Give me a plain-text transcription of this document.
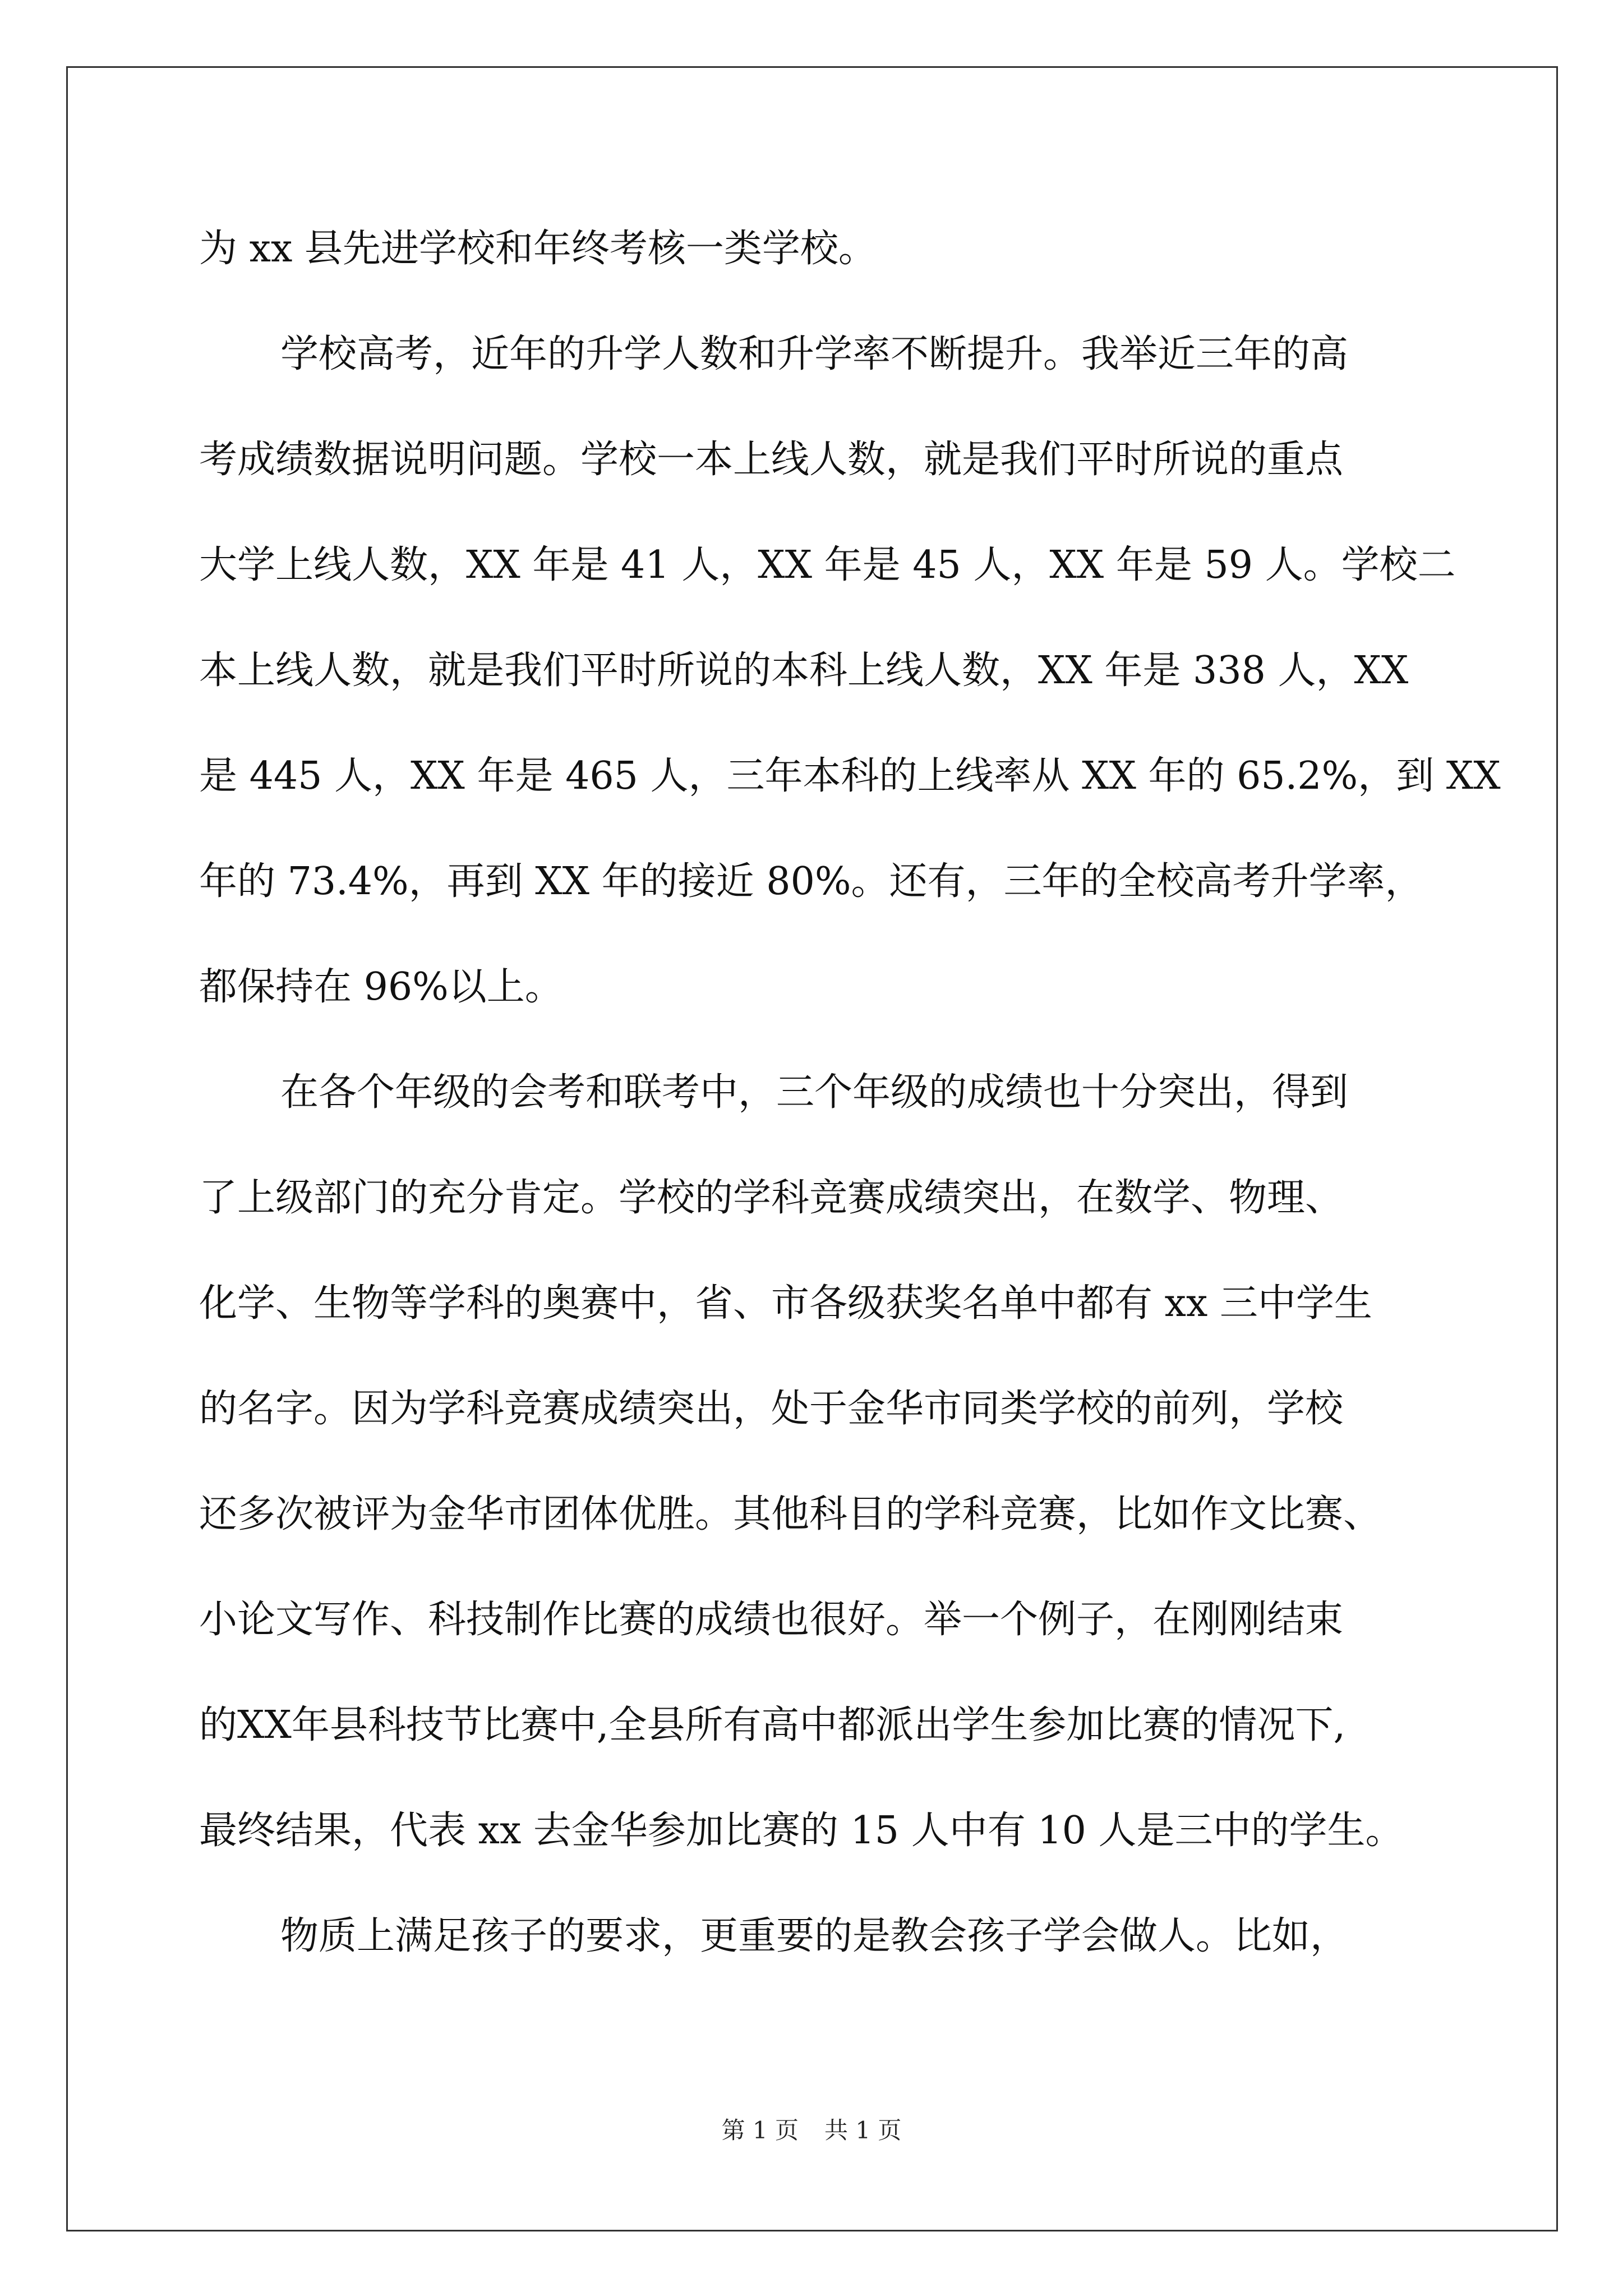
为 xx 县先进学校和年终考核一类学校。
学校高考，近年的升学人数和升学率不断提升。我举近三年的高
考成绩数据说明问题。学校一本上线人数，就是我们平时所说的重点
大学上线人数，XX 年是 41 人，XX 年是 45 人，XX 年是 59 人。学校二
本上线人数，就是我们平时所说的本科上线人数，XX 年是 338 人，XX
是 445 人，XX 年是 465 人，三年本科的上线率从 XX 年的 65.2%，到 XX
年的 73.4%，再到 XX 年的接近 80%。还有，三年的全校高考升学率，
都保持在 96%以上。
在各个年级的会考和联考中，三个年级的成绩也十分突出，得到
了上级部门的充分肯定。学校的学科竞赛成绩突出，在数学、物理、
化学、生物等学科的奥赛中，省、市各级获奖名单中都有 xx 三中学生
的名字。因为学科竞赛成绩突出，处于金华市同类学校的前列，学校
还多次被评为金华市团体优胜。其他科目的学科竞赛，比如作文比赛、
小论文写作、科技制作比赛的成绩也很好。举一个例子，在刚刚结束
的XX年县科技节比赛中,全县所有高中都派出学生参加比赛的情况下,
最终结果，代表 xx 去金华参加比赛的 15 人中有 10 人是三中的学生。
物质上满足孩子的要求，更重要的是教会孩子学会做人。比如，
第 1 页 共 1 页
